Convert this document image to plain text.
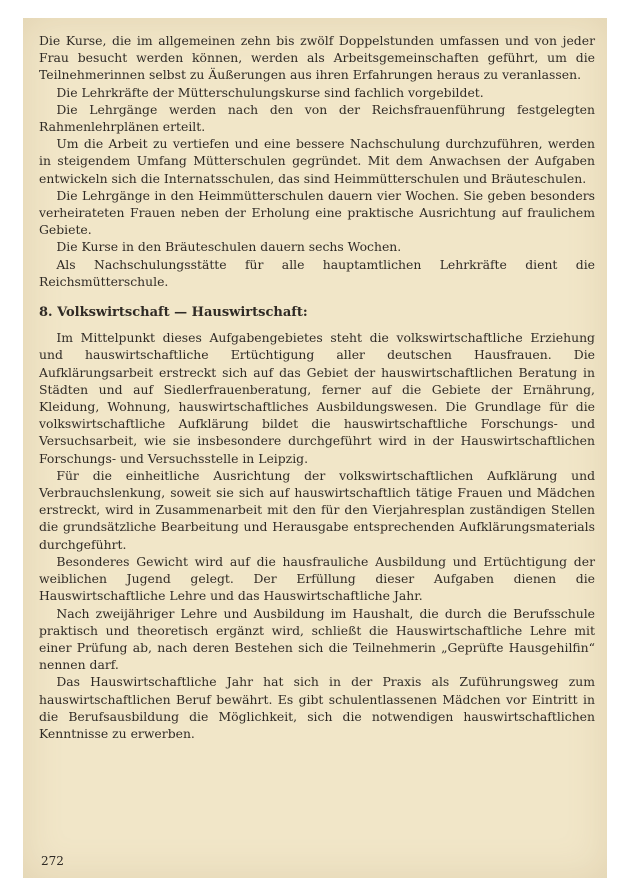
Die Kurse, die im allgemeinen zehn bis zwölf Doppelstunden umfassen und von jeder Frau besucht werden können, werden als Arbeitsgemeinschaften geführt, um die Teilnehmerinnen selbst zu Äußerungen aus ihren Erfahrungen heraus zu veranlassen.

Die Lehrkräfte der Mütterschulungskurse sind fachlich vorgebildet.

Die Lehrgänge werden nach den von der Reichsfrauenführung festgelegten Rahmenlehrplänen erteilt.

Um die Arbeit zu vertiefen und eine bessere Nachschulung durchzuführen, werden in steigendem Umfang Mütterschulen gegründet. Mit dem Anwachsen der Aufgaben entwickeln sich die Internatsschulen, das sind Heimmütterschulen und Bräuteschulen.

Die Lehrgänge in den Heimmütterschulen dauern vier Wochen. Sie geben besonders verheirateten Frauen neben der Erholung eine praktische Ausrichtung auf fraulichem Gebiete.

Die Kurse in den Bräuteschulen dauern sechs Wochen.

Als Nachschulungsstätte für alle hauptamtlichen Lehrkräfte dient die Reichsmütterschule.

8. Volkswirtschaft — Hauswirtschaft:

Im Mittelpunkt dieses Aufgabengebietes steht die volkswirtschaftliche Erziehung und hauswirtschaftliche Ertüchtigung aller deutschen Hausfrauen. Die Aufklärungsarbeit erstreckt sich auf das Gebiet der hauswirtschaftlichen Beratung in Städten und auf Siedlerfrauenberatung, ferner auf die Gebiete der Ernährung, Kleidung, Wohnung, hauswirtschaftliches Ausbildungswesen. Die Grundlage für die volkswirtschaftliche Aufklärung bildet die hauswirtschaftliche Forschungs- und Versuchsarbeit, wie sie insbesondere durchgeführt wird in der Hauswirtschaftlichen Forschungs- und Versuchsstelle in Leipzig.

Für die einheitliche Ausrichtung der volkswirtschaftlichen Aufklärung und Verbrauchslenkung, soweit sie sich auf hauswirtschaftlich tätige Frauen und Mädchen erstreckt, wird in Zusammenarbeit mit den für den Vierjahresplan zuständigen Stellen die grundsätzliche Bearbeitung und Herausgabe entsprechenden Aufklärungsmaterials durchgeführt.

Besonderes Gewicht wird auf die hausfrauliche Ausbildung und Ertüchtigung der weiblichen Jugend gelegt. Der Erfüllung dieser Aufgaben dienen die Hauswirtschaftliche Lehre und das Hauswirtschaftliche Jahr.

Nach zweijähriger Lehre und Ausbildung im Haushalt, die durch die Berufsschule praktisch und theoretisch ergänzt wird, schließt die Hauswirtschaftliche Lehre mit einer Prüfung ab, nach deren Bestehen sich die Teilnehmerin „Geprüfte Hausgehilfin“ nennen darf.

Das Hauswirtschaftliche Jahr hat sich in der Praxis als Zuführungsweg zum hauswirtschaftlichen Beruf bewährt. Es gibt schulentlassenen Mädchen vor Eintritt in die Berufsausbildung die Möglichkeit, sich die notwendigen hauswirtschaftlichen Kenntnisse zu erwerben.

272
